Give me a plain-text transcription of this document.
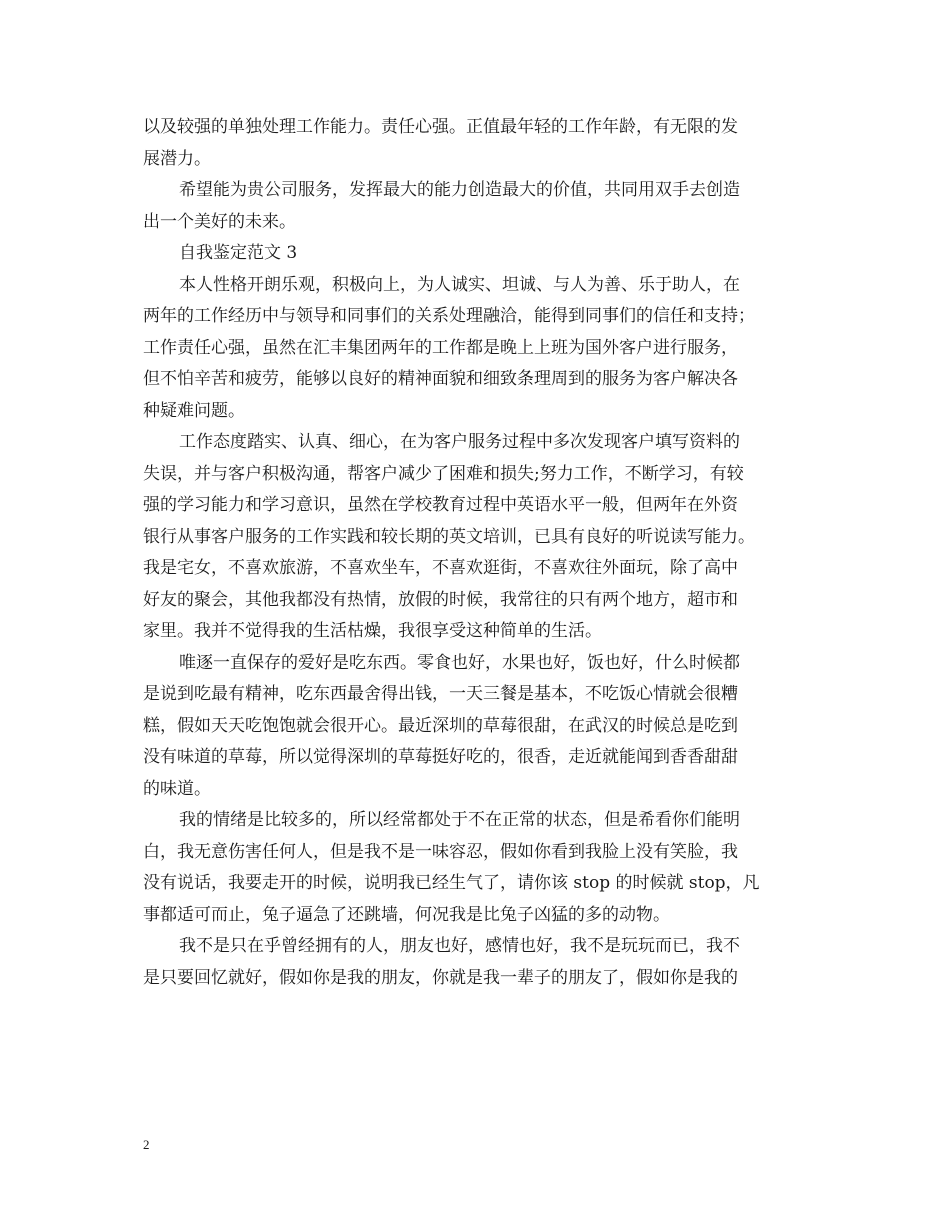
以及较强的单独处理工作能力。责任心强。正值最年轻的工作年龄，有无限的发
展潜力。
希望能为贵公司服务，发挥最大的能力创造最大的价值，共同用双手去创造
出一个美好的未来。
自我鉴定范文 3
本人性格开朗乐观，积极向上，为人诚实、坦诚、与人为善、乐于助人，在
两年的工作经历中与领导和同事们的关系处理融洽，能得到同事们的信任和支持；
工作责任心强，虽然在汇丰集团两年的工作都是晚上上班为国外客户进行服务，
但不怕辛苦和疲劳，能够以良好的精神面貌和细致条理周到的服务为客户解决各
种疑难问题。
工作态度踏实、认真、细心，在为客户服务过程中多次发现客户填写资料的
失误，并与客户积极沟通，帮客户减少了困难和损失;努力工作，不断学习，有较
强的学习能力和学习意识，虽然在学校教育过程中英语水平一般，但两年在外资
银行从事客户服务的工作实践和较长期的英文培训，已具有良好的听说读写能力。
我是宅女，不喜欢旅游，不喜欢坐车，不喜欢逛街，不喜欢往外面玩，除了高中
好友的聚会，其他我都没有热情，放假的时候，我常往的只有两个地方，超市和
家里。我并不觉得我的生活枯燥，我很享受这种简单的生活。
唯逐一直保存的爱好是吃东西。零食也好，水果也好，饭也好，什么时候都
是说到吃最有精神，吃东西最舍得出钱，一天三餐是基本，不吃饭心情就会很糟
糕，假如天天吃饱饱就会很开心。最近深圳的草莓很甜，在武汉的时候总是吃到
没有味道的草莓，所以觉得深圳的草莓挺好吃的，很香，走近就能闻到香香甜甜
的味道。
我的情绪是比较多的，所以经常都处于不在正常的状态，但是希看你们能明
白，我无意伤害任何人，但是我不是一味容忍，假如你看到我脸上没有笑脸，我
没有说话，我要走开的时候，说明我已经生气了，请你该 stop 的时候就 stop，凡
事都适可而止，兔子逼急了还跳墙，何况我是比兔子凶猛的多的动物。
我不是只在乎曾经拥有的人，朋友也好，感情也好，我不是玩玩而已，我不
是只要回忆就好，假如你是我的朋友，你就是我一辈子的朋友了，假如你是我的
2
